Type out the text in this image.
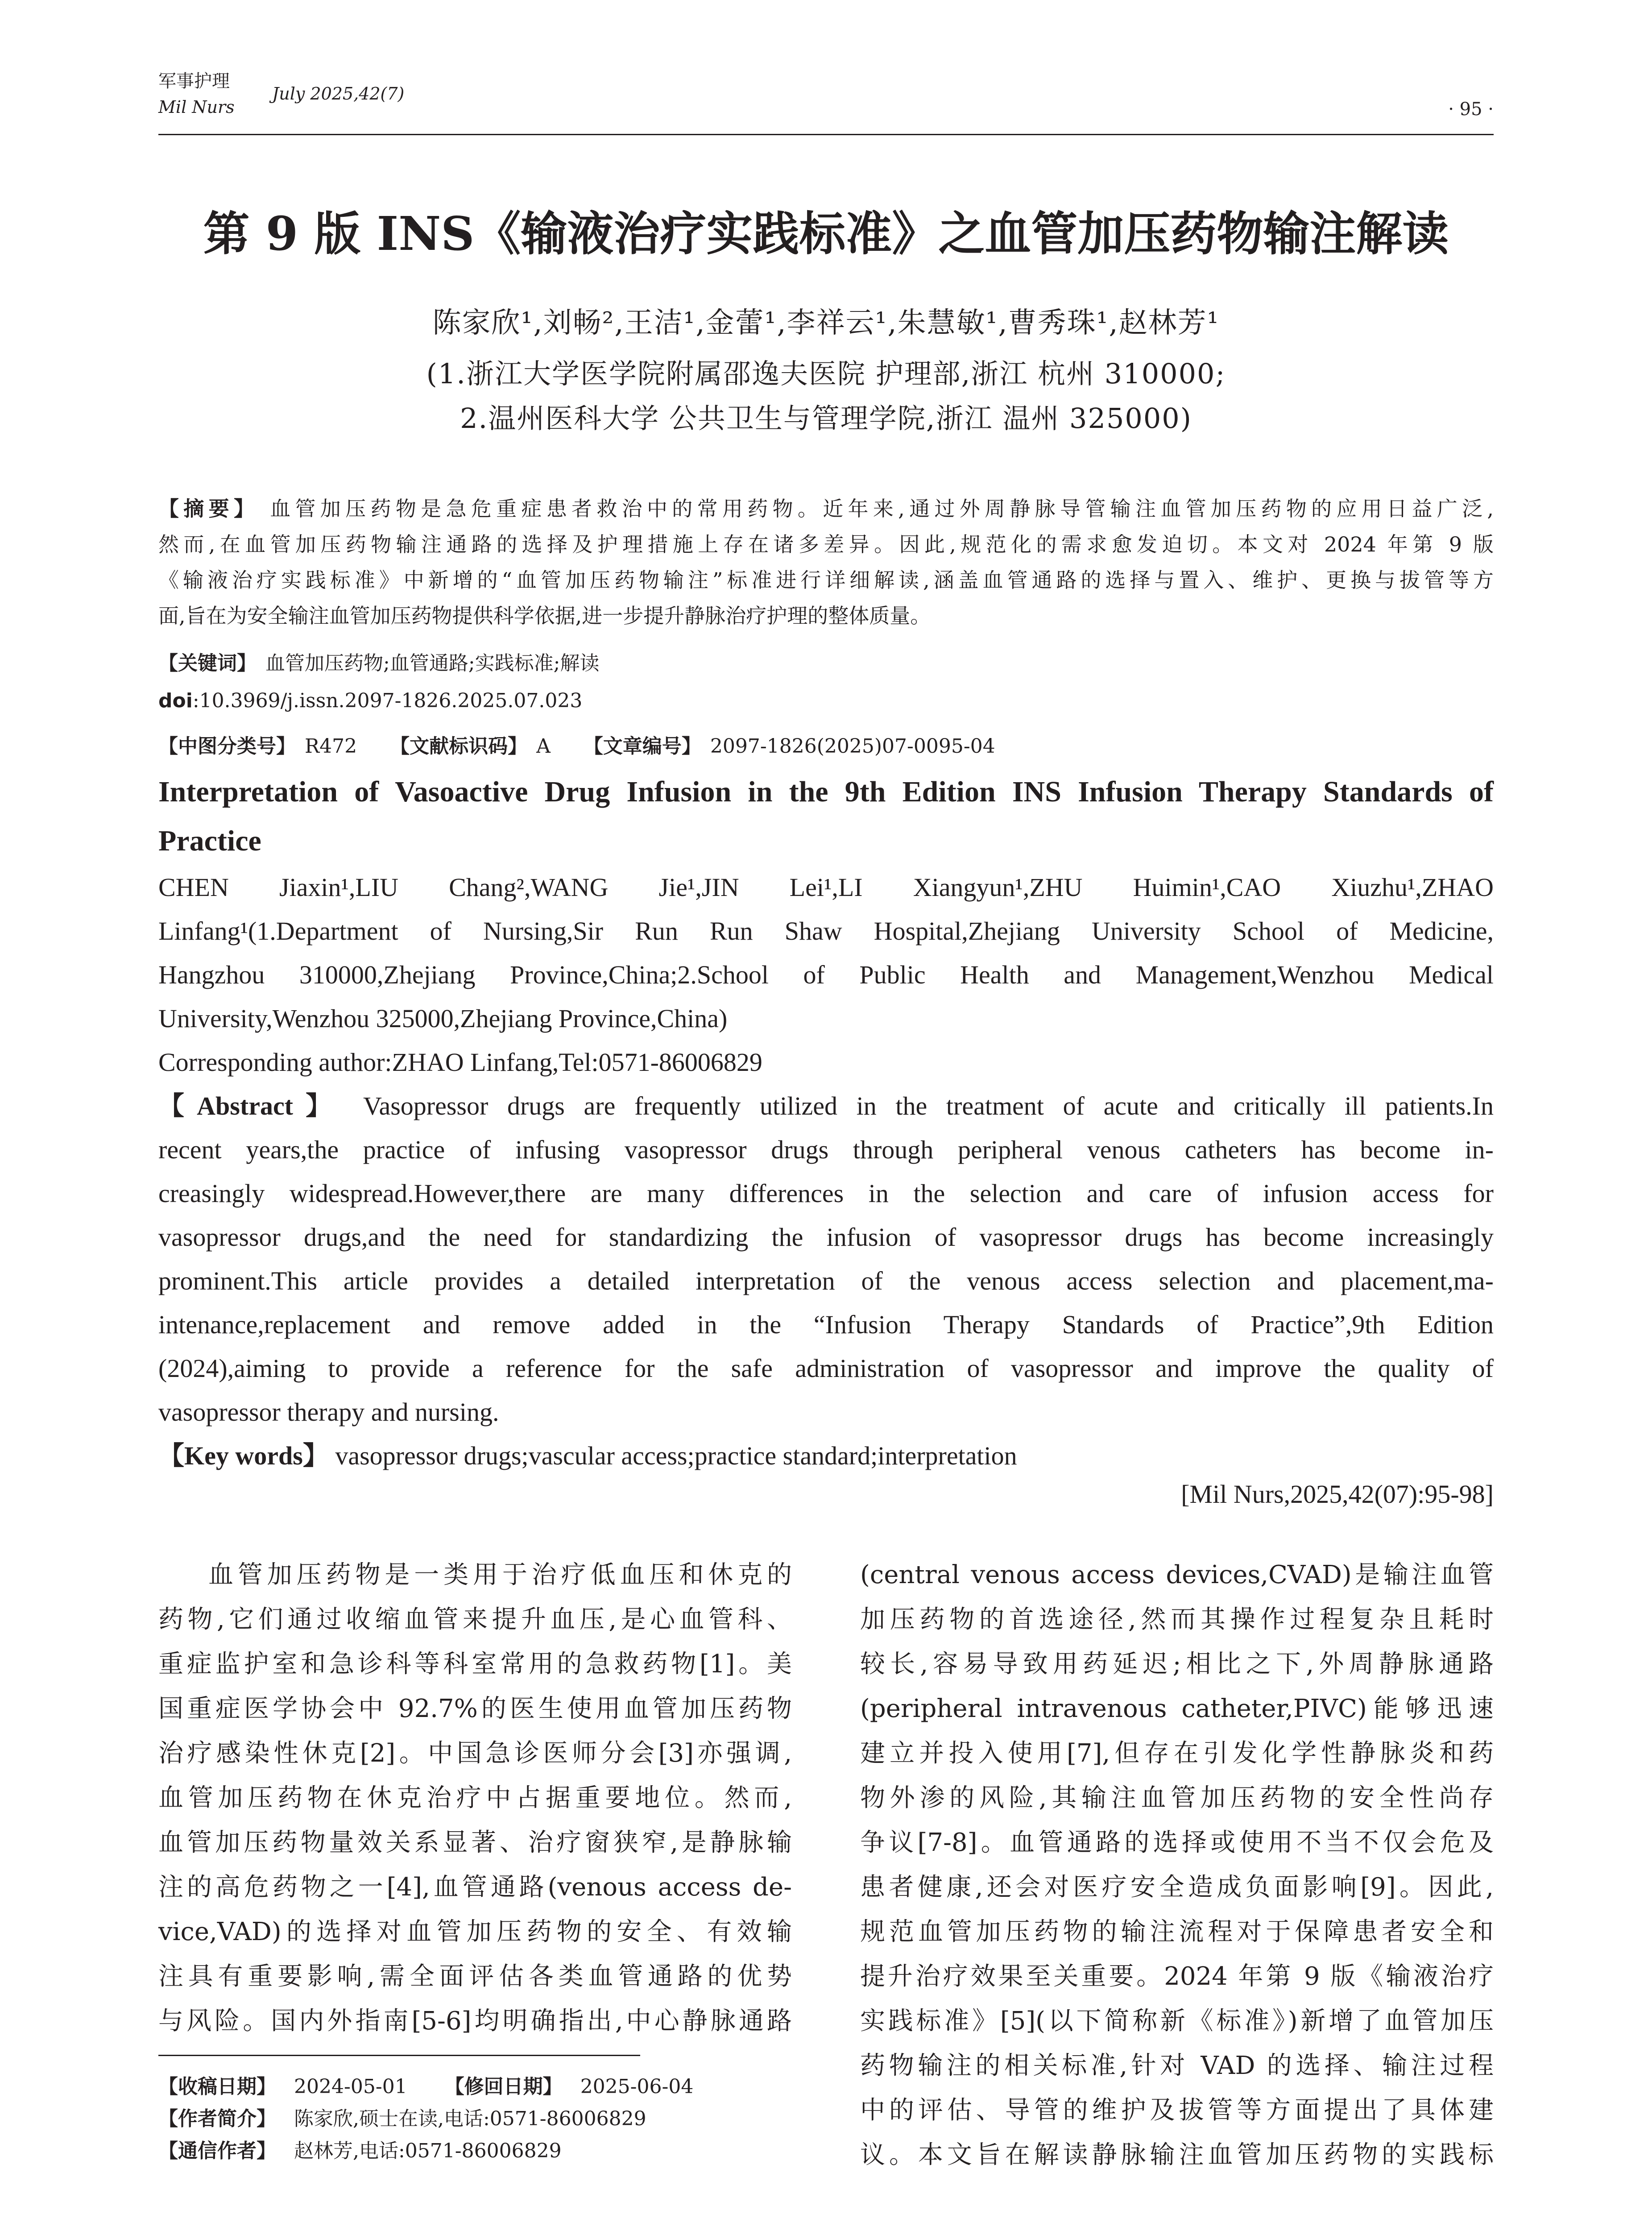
军事护理
Mil Nurs
July 2025,42(7)
· 95 ·
第 9 版 INS《输液治疗实践标准》之血管加压药物输注解读
陈家欣¹,刘畅²,王洁¹,金蕾¹,李祥云¹,朱慧敏¹,曹秀珠¹,赵林芳¹
(1.浙江大学医学院附属邵逸夫医院 护理部,浙江 杭州 310000;
2.温州医科大学 公共卫生与管理学院,浙江 温州 325000)
【摘要】 血管加压药物是急危重症患者救治中的常用药物。近年来,通过外周静脉导管输注血管加压药物的应用日益广泛,
然而,在血管加压药物输注通路的选择及护理措施上存在诸多差异。因此,规范化的需求愈发迫切。本文对 2024 年第 9 版
《输液治疗实践标准》中新增的“血管加压药物输注”标准进行详细解读,涵盖血管通路的选择与置入、维护、更换与拔管等方
面,旨在为安全输注血管加压药物提供科学依据,进一步提升静脉治疗护理的整体质量。
【关键词】 血管加压药物;血管通路;实践标准;解读
doi:10.3969/j.issn.2097-1826.2025.07.023
【中图分类号】 R472 【文献标识码】 A 【文章编号】 2097-1826(2025)07-0095-04
Interpretation of Vasoactive Drug Infusion in the 9th Edition INS Infusion Therapy Standards of
Practice
CHEN Jiaxin¹,LIU Chang²,WANG Jie¹,JIN Lei¹,LI Xiangyun¹,ZHU Huimin¹,CAO Xiuzhu¹,ZHAO
Linfang¹(1.Department of Nursing,Sir Run Run Shaw Hospital,Zhejiang University School of Medicine,
Hangzhou 310000,Zhejiang Province,China;2.School of Public Health and Management,Wenzhou Medical
University,Wenzhou 325000,Zhejiang Province,China)
Corresponding author:ZHAO Linfang,Tel:0571-86006829
【Abstract】 Vasopressor drugs are frequently utilized in the treatment of acute and critically ill patients.In
recent years,the practice of infusing vasopressor drugs through peripheral venous catheters has become in-
creasingly widespread.However,there are many differences in the selection and care of infusion access for
vasopressor drugs,and the need for standardizing the infusion of vasopressor drugs has become increasingly
prominent.This article provides a detailed interpretation of the venous access selection and placement,ma-
intenance,replacement and remove added in the “Infusion Therapy Standards of Practice”,9th Edition
(2024),aiming to provide a reference for the safe administration of vasopressor and improve the quality of
vasopressor therapy and nursing.
【Key words】 vasopressor drugs;vascular access;practice standard;interpretation
[Mil Nurs,2025,42(07):95-98]
血管加压药物是一类用于治疗低血压和休克的
药物,它们通过收缩血管来提升血压,是心血管科、
重症监护室和急诊科等科室常用的急救药物[1]。美
国重症医学协会中 92.7%的医生使用血管加压药物
治疗感染性休克[2]。中国急诊医师分会[3]亦强调,
血管加压药物在休克治疗中占据重要地位。然而,
血管加压药物量效关系显著、治疗窗狭窄,是静脉输
注的高危药物之一[4],血管通路(venous access de-
vice,VAD)的选择对血管加压药物的安全、有效输
注具有重要影响,需全面评估各类血管通路的优势
与风险。国内外指南[5-6]均明确指出,中心静脉通路
(central venous access devices,CVAD)是输注血管
加压药物的首选途径,然而其操作过程复杂且耗时
较长,容易导致用药延迟;相比之下,外周静脉通路
(peripheral intravenous catheter,PIVC)能够迅速
建立并投入使用[7],但存在引发化学性静脉炎和药
物外渗的风险,其输注血管加压药物的安全性尚存
争议[7-8]。血管通路的选择或使用不当不仅会危及
患者健康,还会对医疗安全造成负面影响[9]。因此,
规范血管加压药物的输注流程对于保障患者安全和
提升治疗效果至关重要。2024 年第 9 版《输液治疗
实践标准》[5](以下简称新《标准》)新增了血管加压
药物输注的相关标准,针对 VAD 的选择、输注过程
中的评估、导管的维护及拔管等方面提出了具体建
议。本文旨在解读静脉输注血管加压药物的实践标
【收稿日期】 2024-05-01 【修回日期】 2025-06-04
【作者简介】 陈家欣,硕士在读,电话:0571-86006829
【通信作者】 赵林芳,电话:0571-86006829
